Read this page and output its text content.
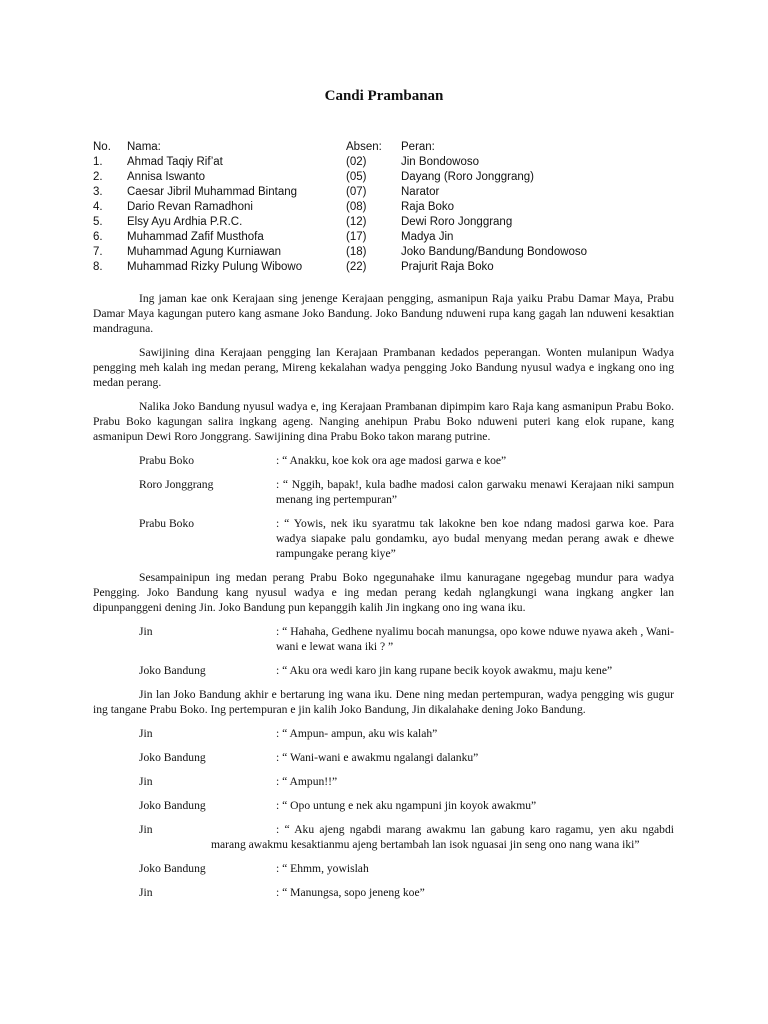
Candi Prambanan
No. Nama:	Absen: Peran:
1. Ahmad Taqiy Rif’at	(02)	Jin Bondowoso
2. Annisa Iswanto	(05)	Dayang (Roro Jonggrang)
3. Caesar Jibril Muhammad Bintang	(07)	Narator
4. Dario Revan Ramadhoni	(08)	Raja Boko
5. Elsy Ayu Ardhia P.R.C.	(12)	Dewi Roro Jonggrang
6. Muhammad Zafif Musthofa	(17)	Madya Jin
7. Muhammad Agung Kurniawan	(18)	Joko Bandung/Bandung Bondowoso
8. Muhammad Rizky Pulung Wibowo	(22)	Prajurit Raja Boko

Ing jaman kae onk Kerajaan sing jenenge Kerajaan pengging, asmanipun Raja yaiku Prabu Damar Maya, Prabu Damar Maya kagungan putero kang asmane Joko Bandung. Joko Bandung nduweni rupa kang gagah lan nduweni kesaktian mandraguna.

Sawijining dina Kerajaan pengging lan Kerajaan Prambanan kedados peperangan. Wonten mulanipun Wadya pengging meh kalah ing medan perang, Mireng kekalahan wadya pengging Joko Bandung nyusul wadya e ingkang ono ing medan perang.

Nalika Joko Bandung nyusul wadya e, ing Kerajaan Prambanan dipimpim karo Raja kang asmanipun Prabu Boko. Prabu Boko kagungan salira ingkang ageng. Nanging anehipun Prabu Boko nduweni puteri kang elok rupane, kang asmanipun Dewi Roro Jonggrang. Sawijining dina Prabu Boko takon marang putrine.

Prabu Boko	: “ Anakku, koe kok ora age madosi garwa e koe”
Roro Jonggrang	: “ Nggih, bapak!, kula badhe madosi calon garwaku menawi Kerajaan niki sampun menang ing pertempuran”
Prabu Boko	: “ Yowis, nek iku syaratmu tak lakokne ben koe ndang madosi garwa koe. Para wadya siapake palu gondamku, ayo budal menyang medan perang awak e dhewe rampungake perang kiye”

Sesampainipun ing medan perang Prabu Boko ngegunahake ilmu kanuragane ngegebag mundur para wadya Pengging. Joko Bandung kang nyusul wadya e ing medan perang kedah nglangkungi wana ingkang angker lan dipunpanggeni dening Jin. Joko Bandung pun kepanggih kalih Jin ingkang ono ing wana iku.

Jin	: “ Hahaha, Gedhene nyalimu bocah manungsa, opo kowe nduwe nyawa akeh , Wani-wani e lewat wana iki ? ”
Joko Bandung	: “ Aku ora wedi karo jin kang rupane becik koyok awakmu, maju kene”

Jin lan Joko Bandung akhir e bertarung ing wana iku. Dene ning medan pertempuran, wadya pengging wis gugur ing tangane Prabu Boko. Ing pertempuran e jin kalih Joko Bandung, Jin dikalahake dening Joko Bandung.

Jin	: “ Ampun- ampun, aku wis kalah”
Joko Bandung	: “ Wani-wani e awakmu ngalangi dalanku”
Jin	: “ Ampun!!”
Joko Bandung	: “ Opo untung e nek aku ngampuni jin koyok awakmu”
Jin	: “ Aku ajeng ngabdi marang awakmu lan gabung karo ragamu, yen aku ngabdi marang awakmu kesaktianmu ajeng bertambah lan isok nguasai jin seng ono nang wana iki”
Joko Bandung	: “ Ehmm, yowislah
Jin	: “ Manungsa, sopo jeneng koe”
